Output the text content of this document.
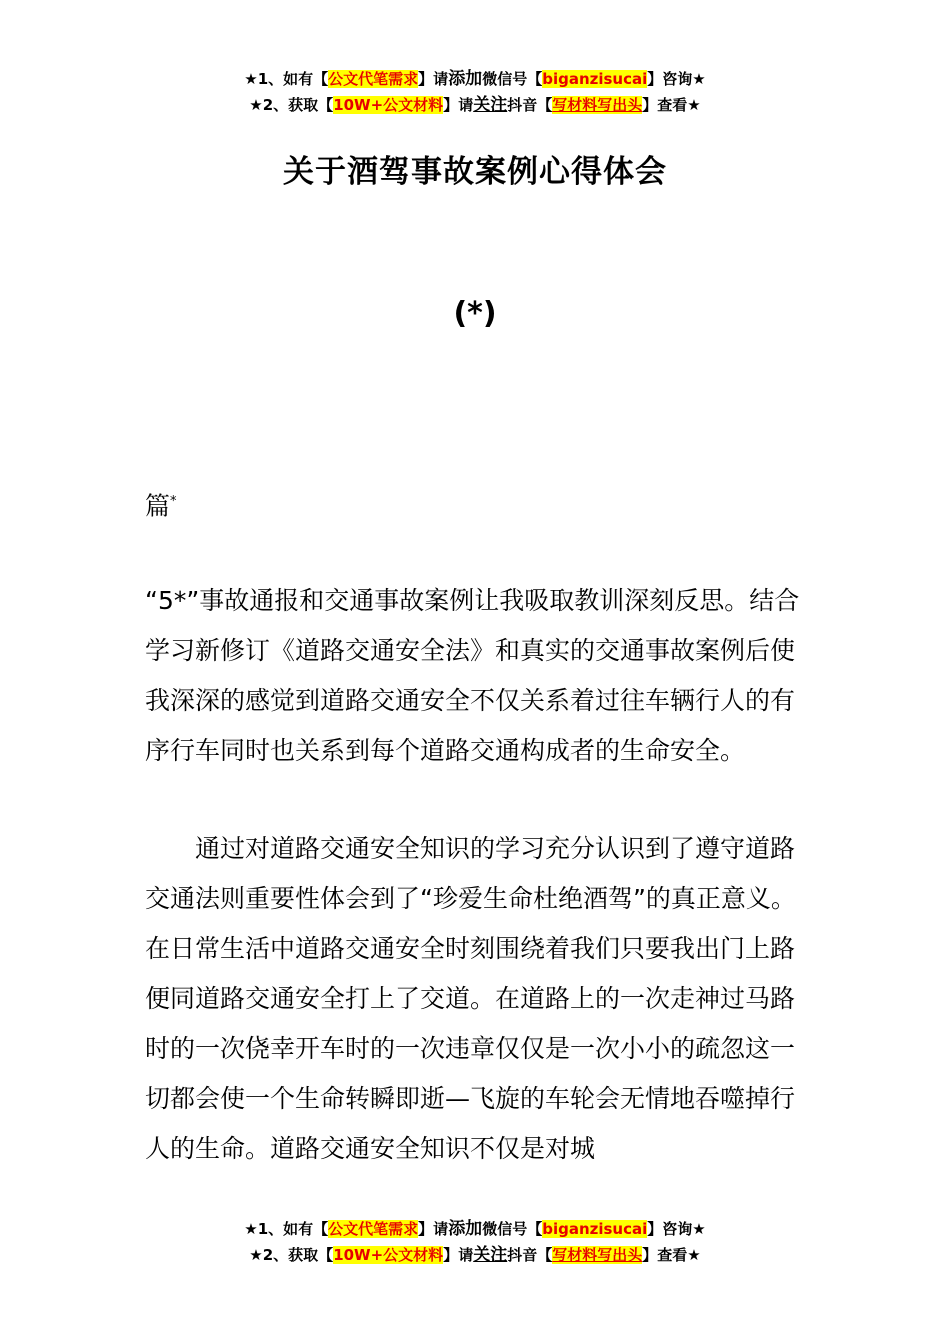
★1、如有【公文代笔需求】请添加微信号【biganzisucai】咨询★
★2、获取【10W+公文材料】请关注抖音【写材料写出头】查看★
关于酒驾事故案例心得体会
(*)
篇*
“5*”事故通报和交通事故案例让我吸取教训深刻反思。结合学习新修订《道路交通安全法》和真实的交通事故案例后使我深深的感觉到道路交通安全不仅关系着过往车辆行人的有序行车同时也关系到每个道路交通构成者的生命安全。
通过对道路交通安全知识的学习充分认识到了遵守道路交通法则重要性体会到了“珍爱生命杜绝酒驾”的真正意义。在日常生活中道路交通安全时刻围绕着我们只要我出门上路便同道路交通安全打上了交道。在道路上的一次走神过马路时的一次侥幸开车时的一次违章仅仅是一次小小的疏忽这一切都会使一个生命转瞬即逝—飞旋的车轮会无情地吞噬掉行人的生命。道路交通安全知识不仅是对城
★1、如有【公文代笔需求】请添加微信号【biganzisucai】咨询★
★2、获取【10W+公文材料】请关注抖音【写材料写出头】查看★
